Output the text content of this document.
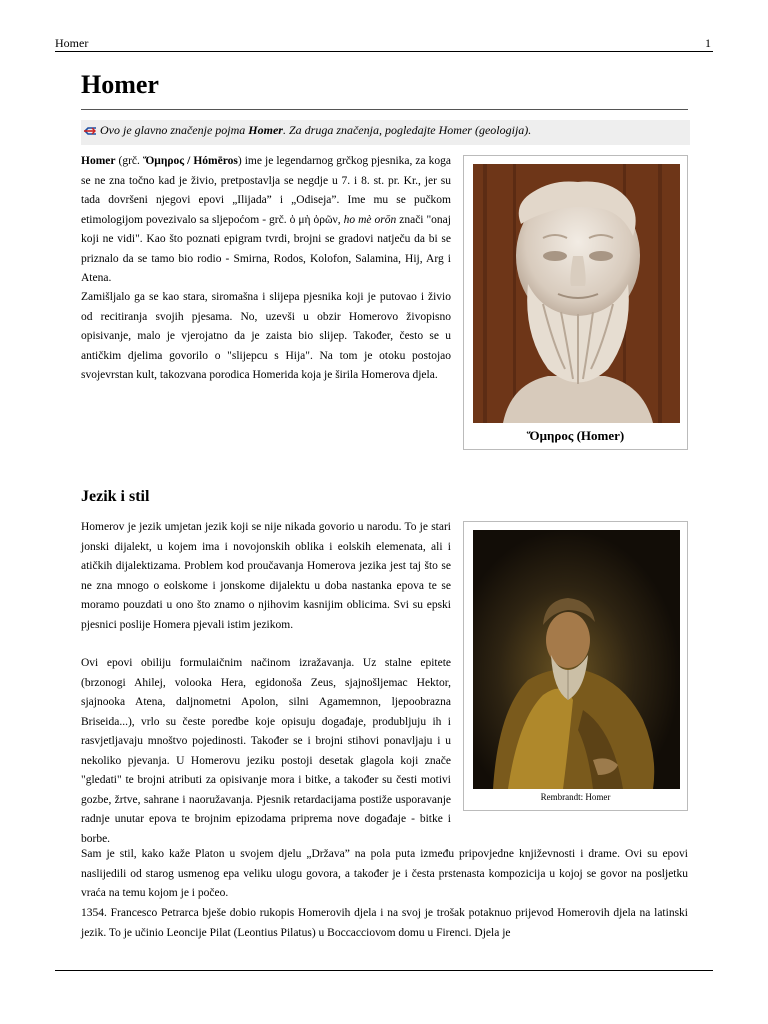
Homer	1
Homer
Ovo je glavno značenje pojma Homer. Za druga značenja, pogledajte Homer (geologija).

Homer (grč. Ὅμηρος / Hómēros) ime je legendarnog grčkog pjesnika, za koga se ne zna točno kad je živio, pretpostavlja se negdje u 7. i 8. st. pr. Kr., jer su tada dovršeni njegovi epovi „Ilijada” i „Odiseja”. Ime mu se pučkom etimologijom povezivalo sa sljepoćom - grč. ὁ μὴ ὁρῶν, ho mè orōn znači "onaj koji ne vidi". Kao što poznati epigram tvrdi, brojni se gradovi natječu da bi se priznalo da se tamo bio rodio - Smirna, Rodos, Kolofon, Salamina, Hij, Arg i Atena.

Zamišljalo ga se kao stara, siromašna i slijepa pjesnika koji je putovao i živio od recitiranja svojih pjesama. No, uzevši u obzir Homerovo živopisno opisivanje, malo je vjerojatno da je zaista bio slijep. Također, često se u antičkim djelima govorilo o "slijepcu s Hija". Na tom je otoku postojao svojevrstan kult, takozvana porodica Homerida koja je širila Homerova djela.

Ὅμηρος (Homer)
Jezik i stil

Homerov je jezik umjetan jezik koji se nije nikada govorio u narodu. To je stari jonski dijalekt, u kojem ima i novojonskih oblika i eolskih elemenata, ali i atičkih dijalektizama. Problem kod proučavanja Homerova jezika jest taj što se ne zna mnogo o eolskome i jonskome dijalektu u doba nastanka epova te se moramo pouzdati u ono što znamo o njihovim kasnijim oblicima. Svi su epski pjesnici poslije Homera pjevali istim jezikom.

Ovi epovi obiliju formulaičnim načinom izražavanja. Uz stalne epitete (brzonogi Ahilej, volooka Hera, egidonoša Zeus, sjajnošljemac Hektor, sjajnooka Atena, daljnometni Apolon, silni Agamemnon, ljepoobrazna Briseida...), vrlo su česte poredbe koje opisuju događaje, produbljuju ih i rasvjetljavaju mnoštvo pojedinosti. Također se i brojni stihovi ponavljaju i u nekoliko pjevanja. U Homerovu jeziku postoji desetak glagola koji znače "gledati" te brojni atributi za opisivanje mora i bitke, a također su česti motivi gozbe, žrtve, sahrane i naoružavanja. Pjesnik retardacijama postiže usporavanje radnje unutar epova te brojnim epizodama priprema nove događaje - bitke i borbe.

Rembrandt: Homer

Sam je stil, kako kaže Platon u svojem djelu „Država” na pola puta između pripovjedne književnosti i drame. Ovi su epovi naslijedili od starog usmenog epa veliku ulogu govora, a također je i česta prstenasta kompozicija u kojoj se govor na posljetku vraća na temu kojom je i počeo.

1354. Francesco Petrarca bješe dobio rukopis Homerovih djela i na svoj je trošak potaknuo prijevod Homerovih djela na latinski jezik. To je učinio Leoncije Pilat (Leontius Pilatus) u Boccacciovom domu u Firenci. Djela je
